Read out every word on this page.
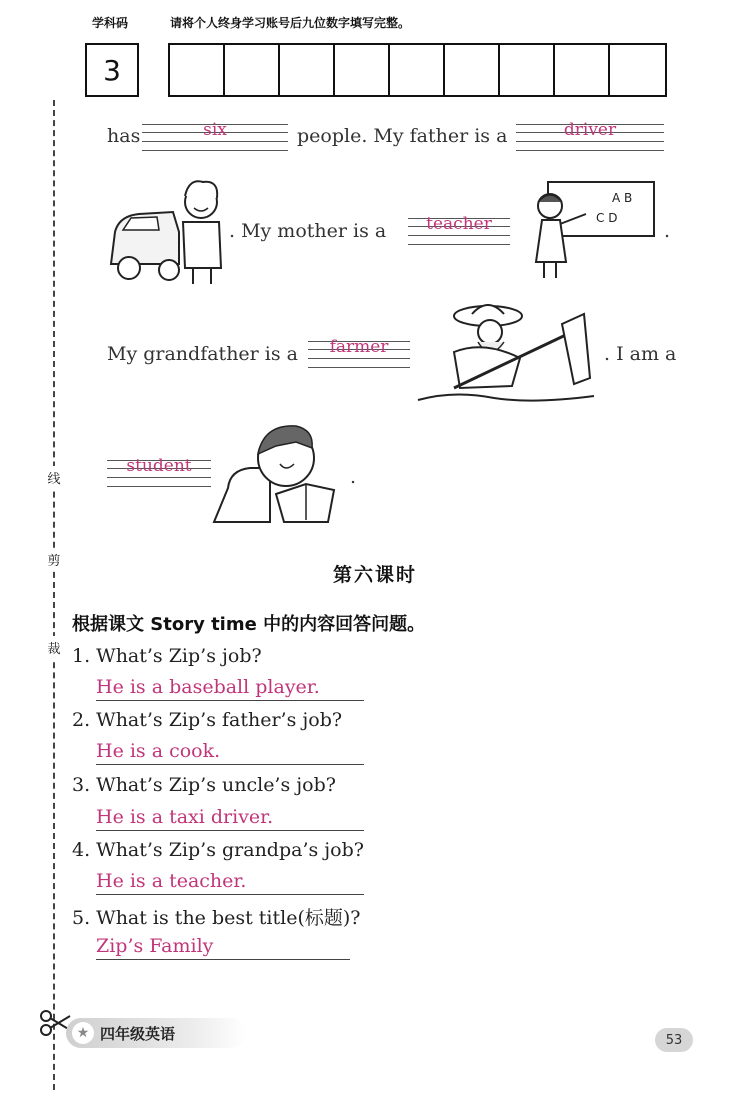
学科码	请将个人终身学习账号后九位数字填写完整。
3
线
剪
裁
has	six	people. My father is a	driver
. My mother is a	teacher
A B C D
.
My grandfather is a	farmer	. I am a
student	.
第六课时
根据课文 Story time 中的内容回答问题。
1. What’s Zip’s job?
He is a baseball player.
2. What’s Zip’s father’s job?
He is a cook.
3. What’s Zip’s uncle’s job?
He is a taxi driver.
4. What’s Zip’s grandpa’s job?
He is a teacher.
5. What is the best title(标题)?
Zip’s Family
★ 四年级英语	53
